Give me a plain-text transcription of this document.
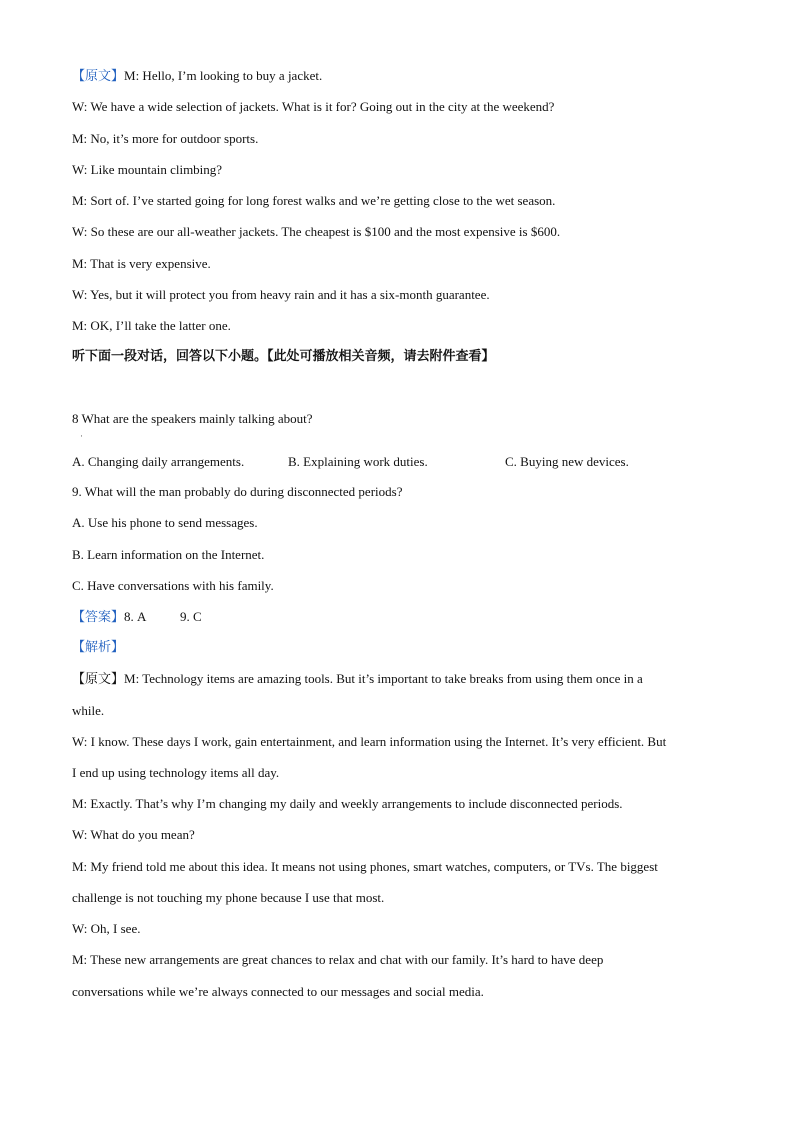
【原文】M: Hello, I’m looking to buy a jacket.
W: We have a wide selection of jackets. What is it for? Going out in the city at the weekend?
M: No, it’s more for outdoor sports.
W: Like mountain climbing?
M: Sort of. I’ve started going for long forest walks and we’re getting close to the wet season.
W: So these are our all-weather jackets. The cheapest is $100 and the most expensive is $600.
M: That is very expensive.
W: Yes, but it will protect you from heavy rain and it has a six-month guarantee.
M: OK, I’ll take the latter one.
听下面一段对话，回答以下小题。【此处可播放相关音频，请去附件查看】
8 What are the speakers mainly talking about?
·
A. Changing daily arrangements.	B. Explaining work duties.	C. Buying new devices.
9. What will the man probably do during disconnected periods?
A. Use his phone to send messages.
B. Learn information on the Internet.
C. Have conversations with his family.
【答案】8. A	9. C
【解析】
【原文】M: Technology items are amazing tools. But it’s important to take breaks from using them once in a
while.
W: I know. These days I work, gain entertainment, and learn information using the Internet. It’s very efficient. But
I end up using technology items all day.
M: Exactly. That’s why I’m changing my daily and weekly arrangements to include disconnected periods.
W: What do you mean?
M: My friend told me about this idea. It means not using phones, smart watches, computers, or TVs. The biggest
challenge is not touching my phone because I use that most.
W: Oh, I see.
M: These new arrangements are great chances to relax and chat with our family. It’s hard to have deep
conversations while we’re always connected to our messages and social media.
